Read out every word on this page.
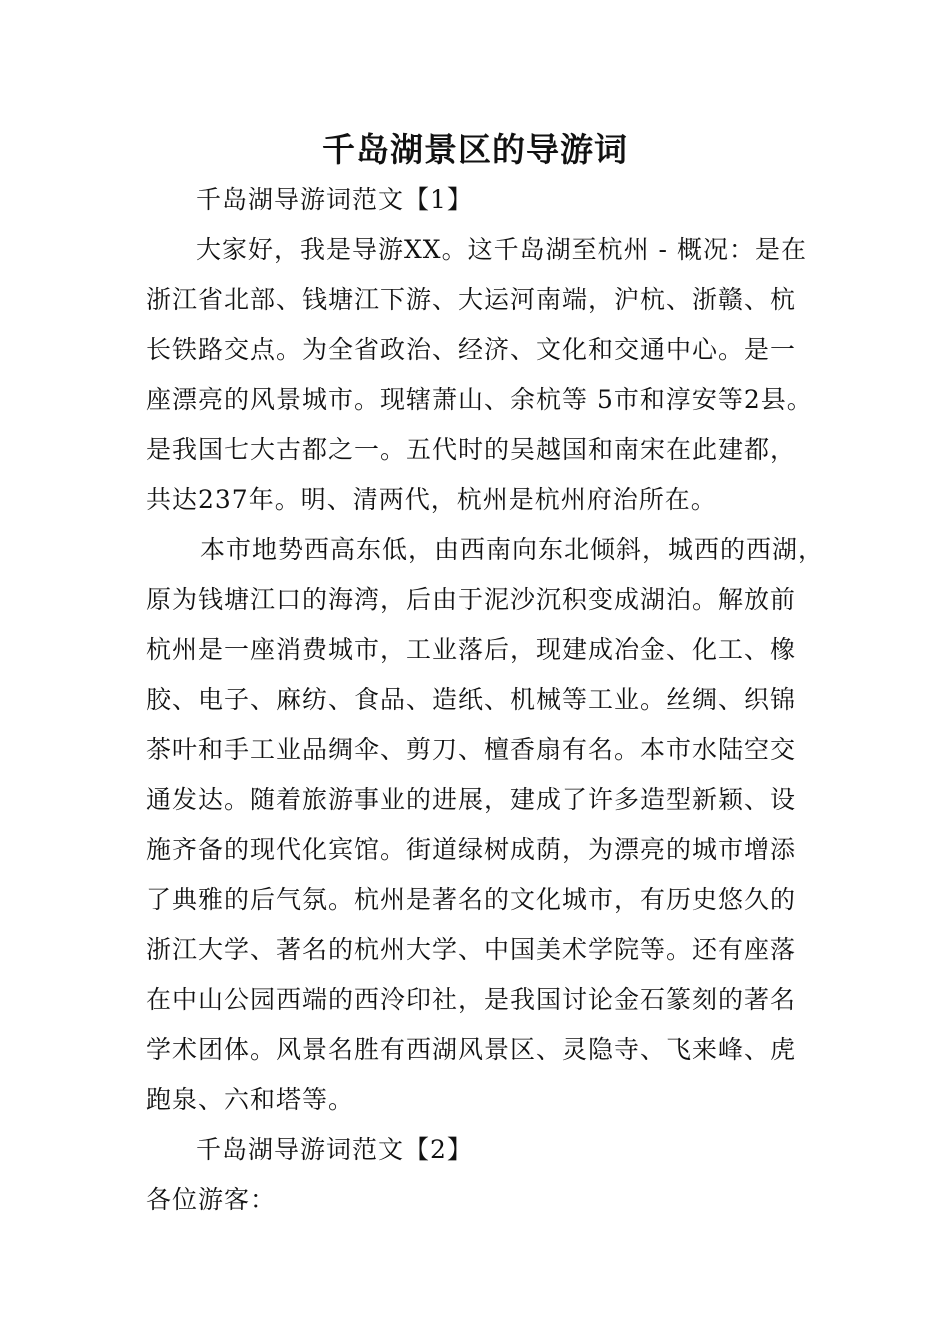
千岛湖景区的导游词
千岛湖导游词范文【1】
大家好，我是导游XX。这千岛湖至杭州 - 概况：是在
浙江省北部、钱塘江下游、大运河南端，沪杭、浙赣、杭
长铁路交点。为全省政治、经济、文化和交通中心。是一
座漂亮的风景城市。现辖萧山、余杭等 5市和淳安等2县。
是我国七大古都之一。五代时的吴越国和南宋在此建都，
共达237年。明、清两代，杭州是杭州府治所在。
本市地势西高东低，由西南向东北倾斜，城西的西湖，
原为钱塘江口的海湾，后由于泥沙沉积变成湖泊。解放前
杭州是一座消费城市，工业落后，现建成冶金、化工、橡
胶、电子、麻纺、食品、造纸、机械等工业。丝绸、织锦
茶叶和手工业品绸伞、剪刀、檀香扇有名。本市水陆空交
通发达。随着旅游事业的进展，建成了许多造型新颖、设
施齐备的现代化宾馆。街道绿树成荫，为漂亮的城市增添
了典雅的后气氛。杭州是著名的文化城市，有历史悠久的
浙江大学、著名的杭州大学、中国美术学院等。还有座落
在中山公园西端的西泠印社，是我国讨论金石篆刻的著名
学术团体。风景名胜有西湖风景区、灵隐寺、飞来峰、虎
跑泉、六和塔等。
千岛湖导游词范文【2】
各位游客：
